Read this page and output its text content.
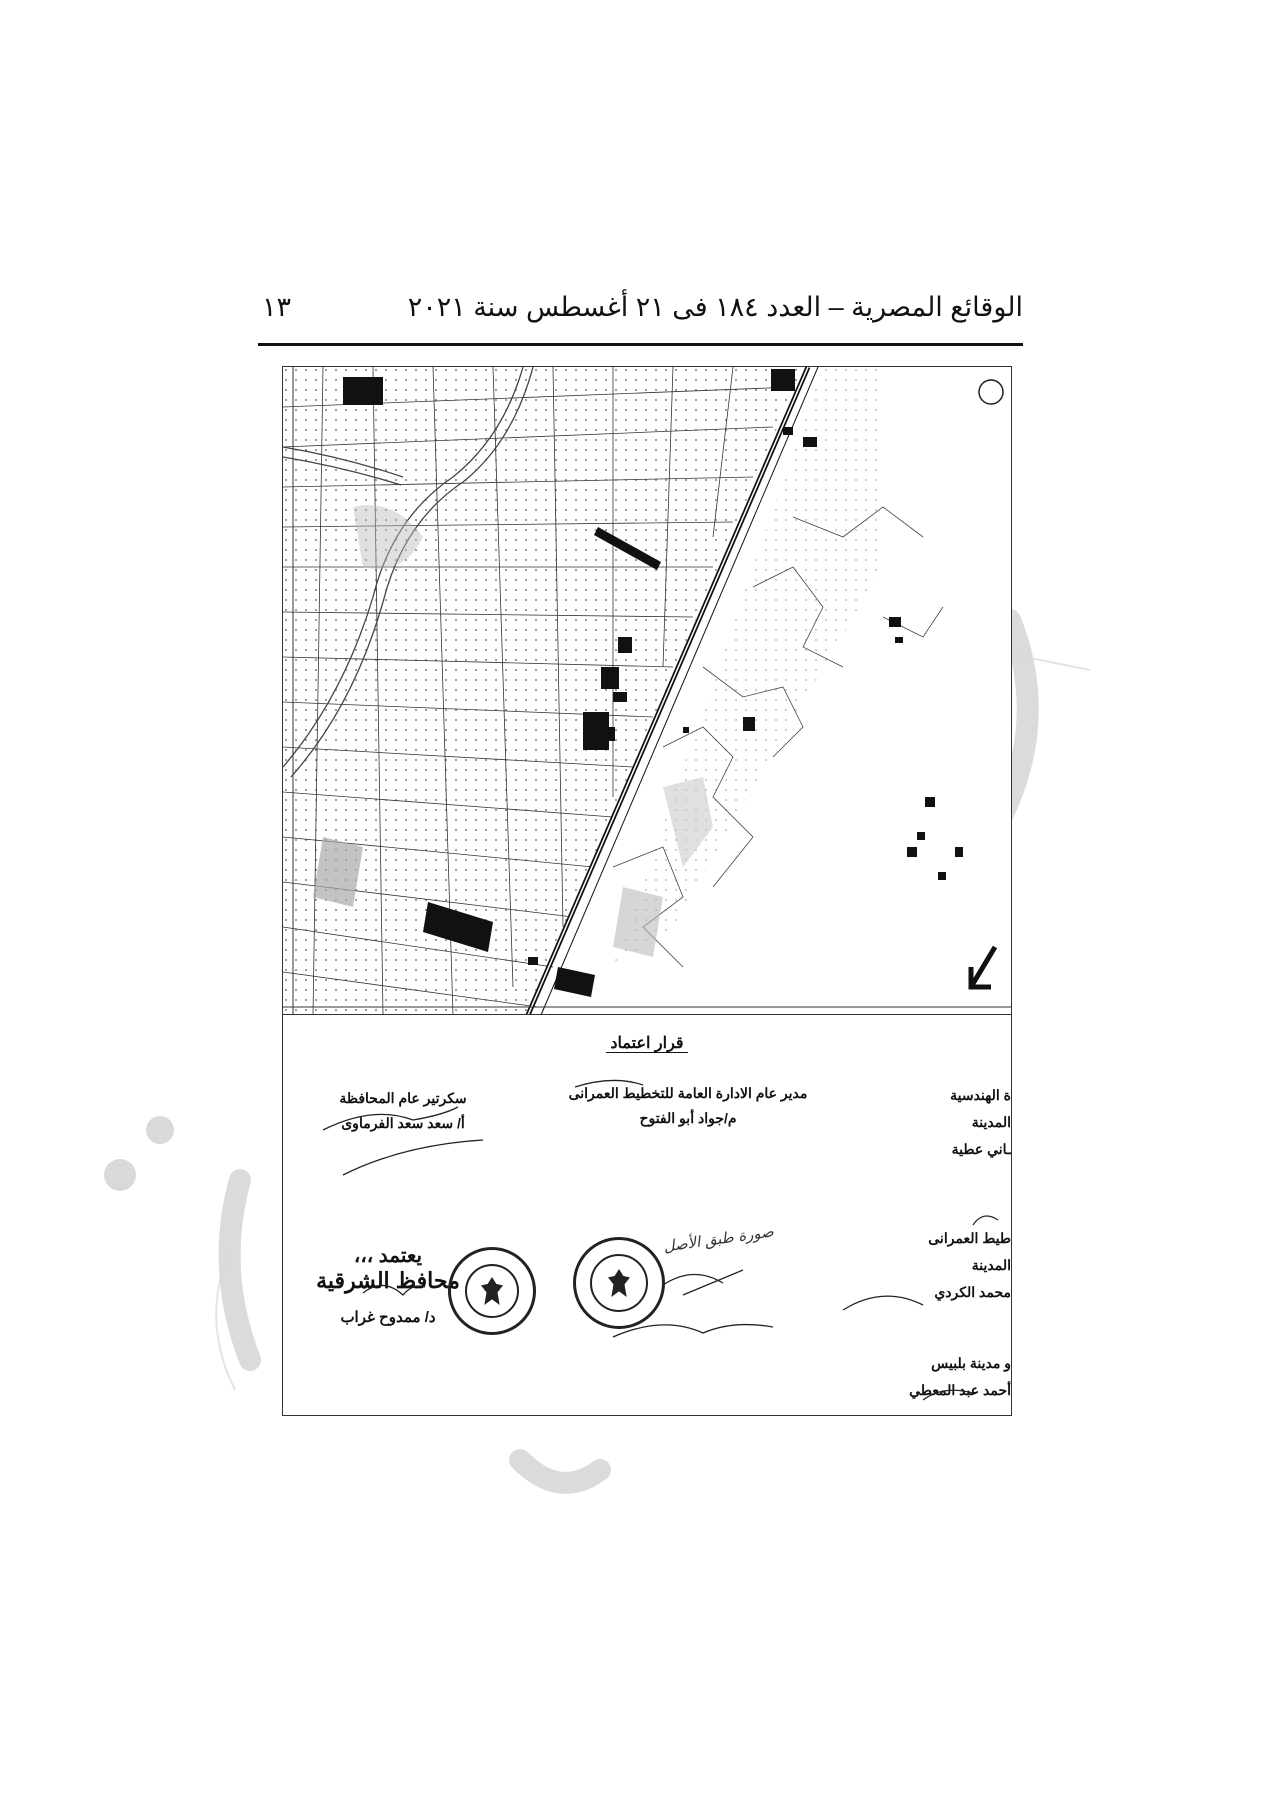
الوقائع المصرية – العدد ١٨٤ فى ٢١ أغسطس سنة ٢٠٢١
١٣
قرار اعتماد
سكرتير عام المحافظة
أ/ سعد سعد الفرماوى
مدير عام الادارة العامة للتخطيط العمرانى
م/جواد أبو الفتوح
ة الهندسية
المدينة
ـاني عطية
طيط العمرانى
المدينة
محمد الكردي
و مدينة بلبيس
أحمد عبد المعطي
يعتمد ،،،
محافظ الشرقية
د/ ممدوح غراب
صورة طبق الأصل
